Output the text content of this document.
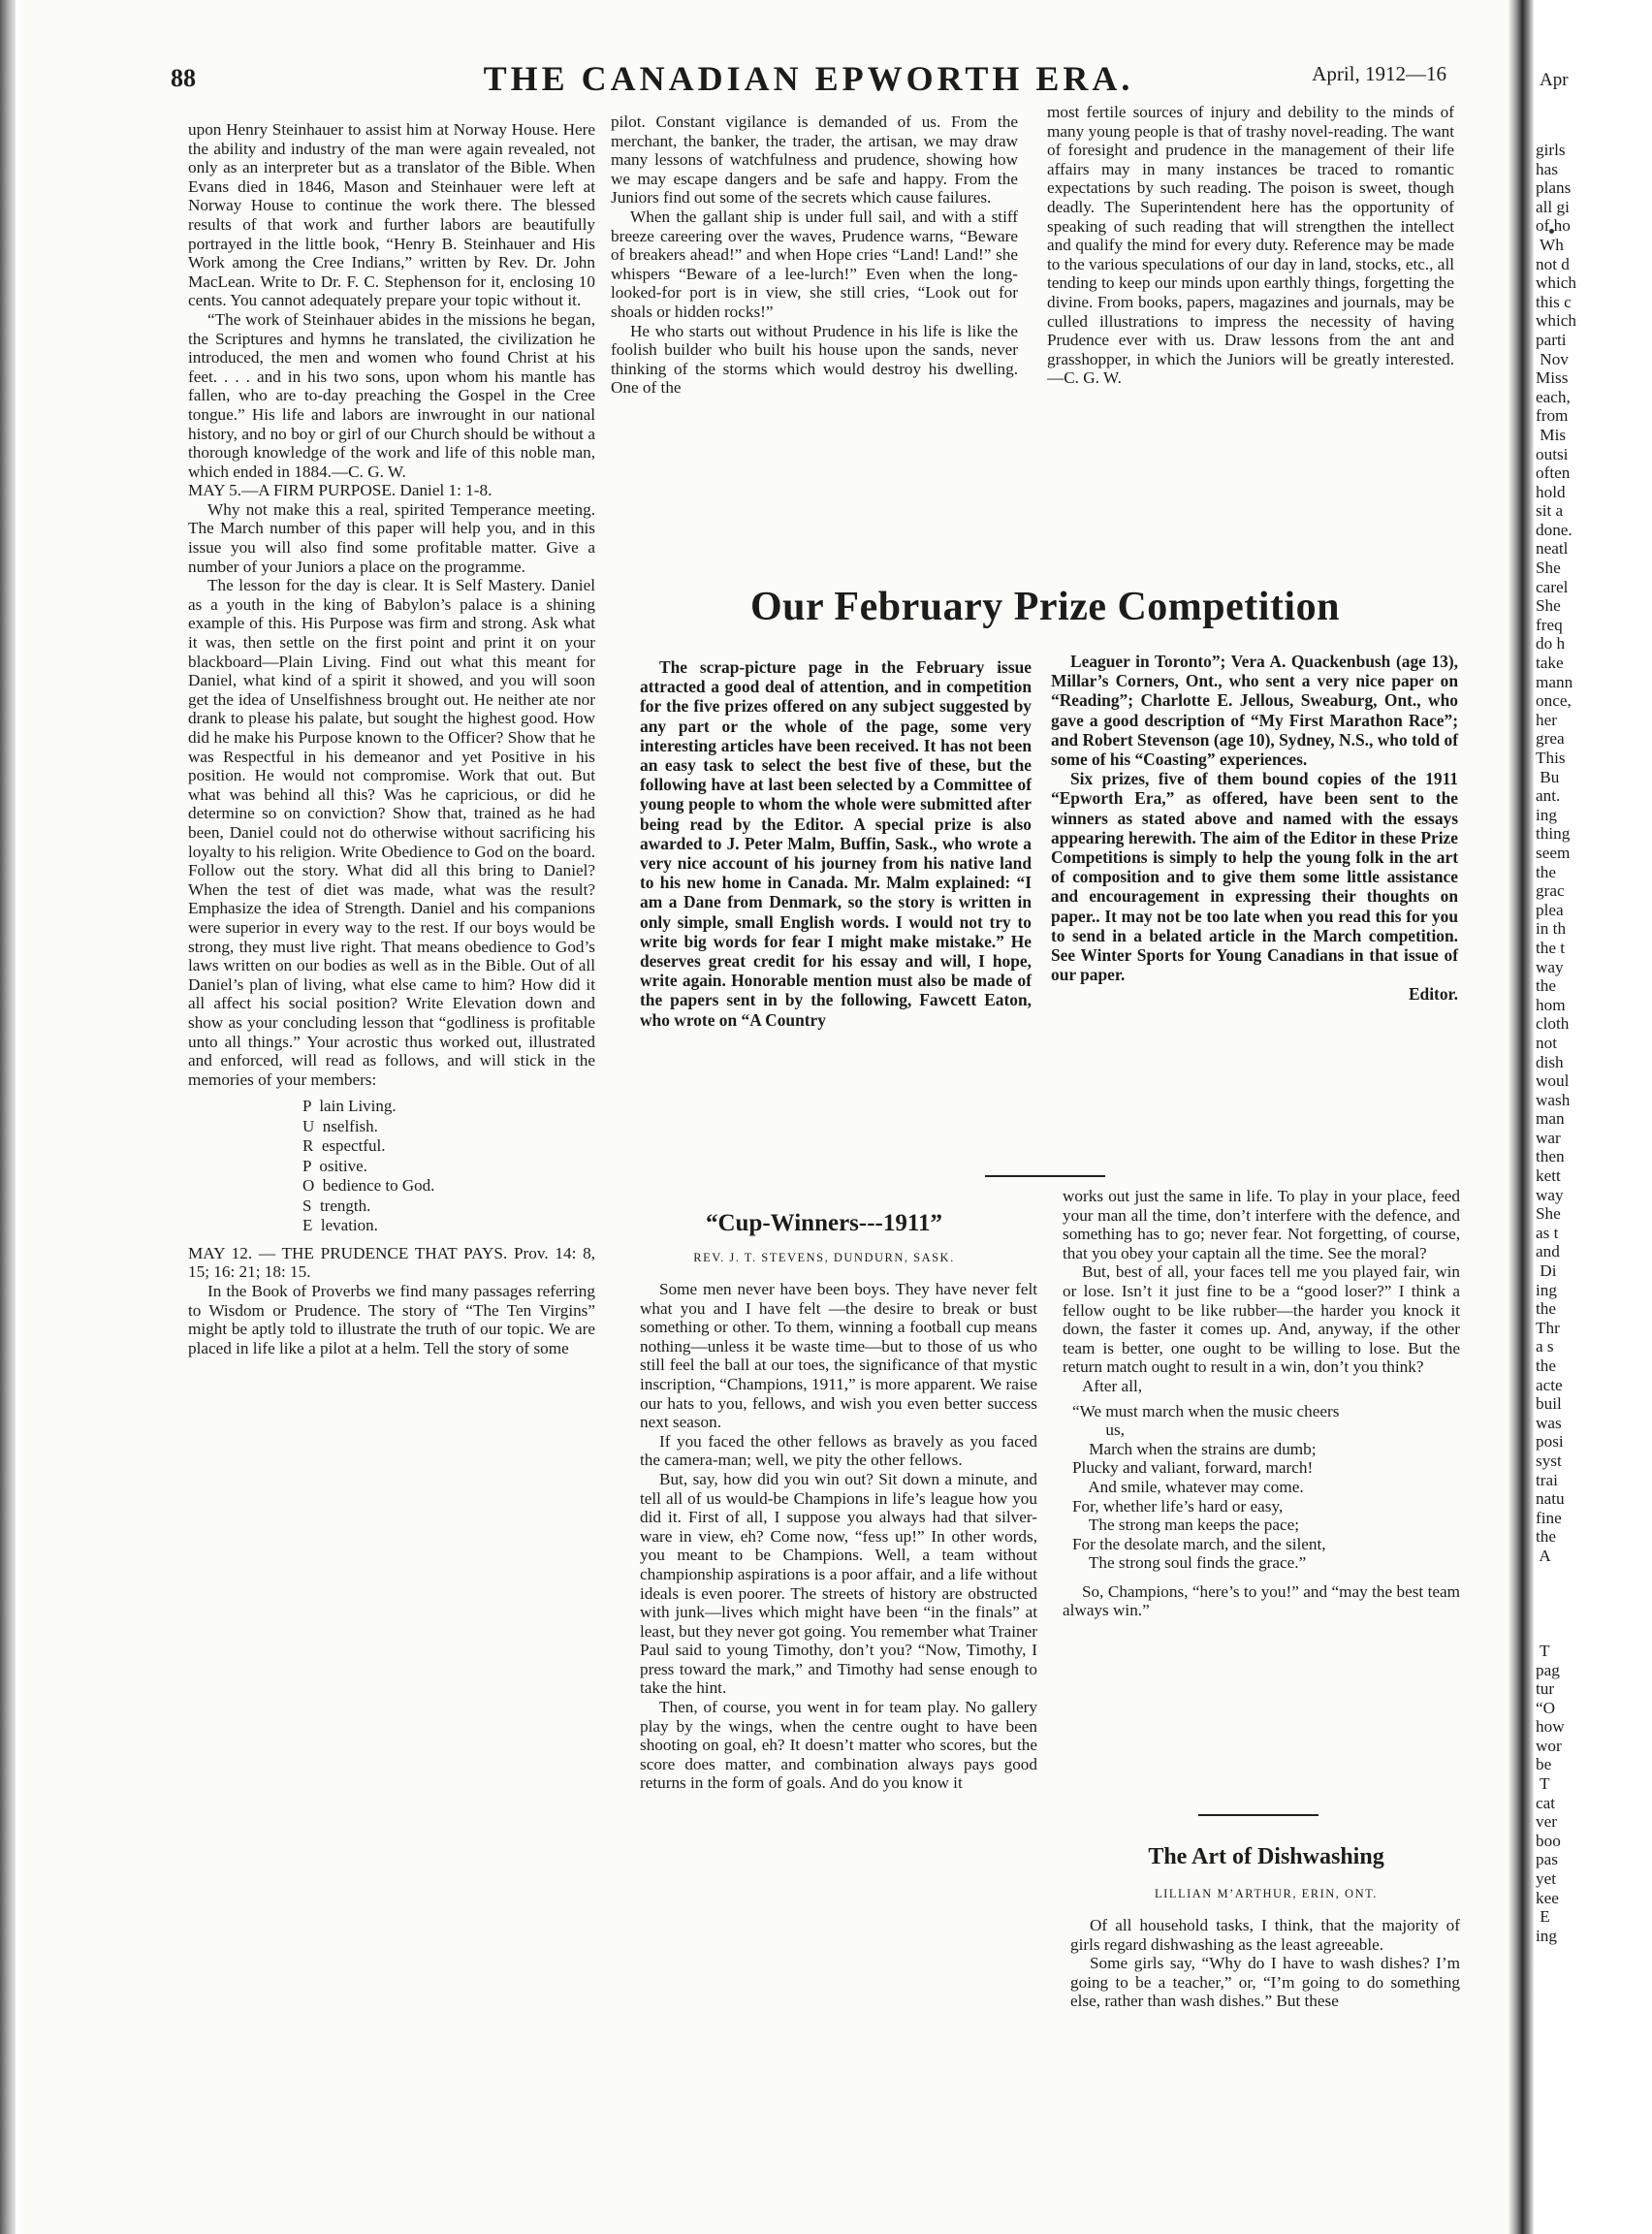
88	THE CANADIAN EPWORTH ERA.	April, 1912—16

upon Henry Steinhauer to assist him at Norway House. Here the ability and industry of the man were again revealed, not only as an interpreter but as a translator of the Bible. When Evans died in 1846, Mason and Steinhauer were left at Norway House to continue the work there. The blessed results of that work and further labors are beautifully portrayed in the little book, “Henry B. Steinhauer and His Work among the Cree Indians,” written by Rev. Dr. John MacLean. Write to Dr. F. C. Stephenson for it, enclosing 10 cents. You cannot adequately prepare your topic without it.

“The work of Steinhauer abides in the missions he began, the Scriptures and hymns he translated, the civilization he introduced, the men and women who found Christ at his feet. . . . and in his two sons, upon whom his mantle has fallen, who are to-day preaching the Gospel in the Cree tongue.” His life and labors are inwrought in our national history, and no boy or girl of our Church should be without a thorough knowledge of the work and life of this noble man, which ended in 1884.—C. G. W.

MAY 5.—A FIRM PURPOSE. Daniel 1: 1-8.

Why not make this a real, spirited Temperance meeting. The March number of this paper will help you, and in this issue you will also find some profitable matter. Give a number of your Juniors a place on the programme.

The lesson for the day is clear. It is Self Mastery. Daniel as a youth in the king of Babylon’s palace is a shining example of this. His Purpose was firm and strong. Ask what it was, then settle on the first point and print it on your blackboard—Plain Living. Find out what this meant for Daniel, what kind of a spirit it showed, and you will soon get the idea of Unselfishness brought out. He neither ate nor drank to please his palate, but sought the highest good. How did he make his Purpose known to the Officer? Show that he was Respectful in his demeanor and yet Positive in his position. He would not compromise. Work that out. But what was behind all this? Was he capricious, or did he determine so on conviction? Show that, trained as he had been, Daniel could not do otherwise without sacrificing his loyalty to his religion. Write Obedience to God on the board. Follow out the story. What did all this bring to Daniel? When the test of diet was made, what was the result? Emphasize the idea of Strength. Daniel and his companions were superior in every way to the rest. If our boys would be strong, they must live right. That means obedience to God’s laws written on our bodies as well as in the Bible. Out of all Daniel’s plan of living, what else came to him? How did it all affect his social position? Write Elevation down and show as your concluding lesson that “godliness is profitable unto all things.” Your acrostic thus worked out, illustrated and enforced, will read as follows, and will stick in the memories of your members:

P  lain Living.
U  nselfish.
R  espectful.
P  ositive.
O  bedience to God.
S  trength.
E  levation.

MAY 12. — THE PRUDENCE THAT PAYS. Prov. 14: 8, 15; 16: 21; 18: 15.

In the Book of Proverbs we find many passages referring to Wisdom or Prudence. The story of “The Ten Virgins” might be aptly told to illustrate the truth of our topic. We are placed in life like a pilot at a helm. Tell the story of some

pilot. Constant vigilance is demanded of us. From the merchant, the banker, the trader, the artisan, we may draw many lessons of watchfulness and prudence, showing how we may escape dangers and be safe and happy. From the Juniors find out some of the secrets which cause failures.

When the gallant ship is under full sail, and with a stiff breeze careering over the waves, Prudence warns, “Beware of breakers ahead!” and when Hope cries “Land! Land!” she whispers “Beware of a lee-lurch!” Even when the long-looked-for port is in view, she still cries, “Look out for shoals or hidden rocks!”

He who starts out without Prudence in his life is like the foolish builder who built his house upon the sands, never thinking of the storms which would destroy his dwelling. One of the

most fertile sources of injury and debility to the minds of many young people is that of trashy novel-reading. The want of foresight and prudence in the management of their life affairs may in many instances be traced to romantic expectations by such reading. The poison is sweet, though deadly. The Superintendent here has the opportunity of speaking of such reading that will strengthen the intellect and qualify the mind for every duty. Reference may be made to the various speculations of our day in land, stocks, etc., all tending to keep our minds upon earthly things, forgetting the divine. From books, papers, magazines and journals, may be culled illustrations to impress the necessity of having Prudence ever with us. Draw lessons from the ant and grasshopper, in which the Juniors will be greatly interested.—C. G. W.

Our February Prize Competition

The scrap-picture page in the February issue attracted a good deal of attention, and in competition for the five prizes offered on any subject suggested by any part or the whole of the page, some very interesting articles have been received. It has not been an easy task to select the best five of these, but the following have at last been selected by a Committee of young people to whom the whole were submitted after being read by the Editor. A special prize is also awarded to J. Peter Malm, Buffin, Sask., who wrote a very nice account of his journey from his native land to his new home in Canada. Mr. Malm explained: “I am a Dane from Denmark, so the story is written in only simple, small English words. I would not try to write big words for fear I might make mistake.” He deserves great credit for his essay and will, I hope, write again. Honorable mention must also be made of the papers sent in by the following, Fawcett Eaton, who wrote on “A Country

Leaguer in Toronto”; Vera A. Quackenbush (age 13), Millar’s Corners, Ont., who sent a very nice paper on “Reading”; Charlotte E. Jellous, Sweaburg, Ont., who gave a good description of “My First Marathon Race”; and Robert Stevenson (age 10), Sydney, N.S., who told of some of his “Coasting” experiences.

Six prizes, five of them bound copies of the 1911 “Epworth Era,” as offered, have been sent to the winners as stated above and named with the essays appearing herewith. The aim of the Editor in these Prize Competitions is simply to help the young folk in the art of composition and to give them some little assistance and encouragement in expressing their thoughts on paper.. It may not be too late when you read this for you to send in a belated article in the March competition. See Winter Sports for Young Canadians in that issue of our paper.

Editor.
“Cup-Winners---1911”
REV. J. T. STEVENS, DUNDURN, SASK.

Some men never have been boys. They have never felt what you and I have felt —the desire to break or bust something or other. To them, winning a football cup means nothing—unless it be waste time—but to those of us who still feel the ball at our toes, the significance of that mystic inscription, “Champions, 1911,” is more apparent. We raise our hats to you, fellows, and wish you even better success next season.

If you faced the other fellows as bravely as you faced the camera-man; well, we pity the other fellows.

But, say, how did you win out? Sit down a minute, and tell all of us would-be Champions in life’s league how you did it. First of all, I suppose you always had that silver-ware in view, eh? Come now, “fess up!” In other words, you meant to be Champions. Well, a team without championship aspirations is a poor affair, and a life without ideals is even poorer. The streets of history are obstructed with junk—lives which might have been “in the finals” at least, but they never got going. You remember what Trainer Paul said to young Timothy, don’t you? “Now, Timothy, I press toward the mark,” and Timothy had sense enough to take the hint.

Then, of course, you went in for team play. No gallery play by the wings, when the centre ought to have been shooting on goal, eh? It doesn’t matter who scores, but the score does matter, and combination always pays good returns in the form of goals. And do you know it

works out just the same in life. To play in your place, feed your man all the time, don’t interfere with the defence, and something has to go; never fear. Not forgetting, of course, that you obey your captain all the time. See the moral?

But, best of all, your faces tell me you played fair, win or lose. Isn’t it just fine to be a “good loser?” I think a fellow ought to be like rubber—the harder you knock it down, the faster it comes up. And, anyway, if the other team is better, one ought to be willing to lose. But the return match ought to result in a win, don’t you think?

After all,

“We must march when the music cheers
us,
March when the strains are dumb;
Plucky and valiant, forward, march!
And smile, whatever may come.
For, whether life’s hard or easy,
The strong man keeps the pace;
For the desolate march, and the silent,
The strong soul finds the grace.”

So, Champions, “here’s to you!” and “may the best team always win.”

The Art of Dishwashing
LILLIAN M’ARTHUR, ERIN, ONT.

Of all household tasks, I think, that the majority of girls regard dishwashing as the least agreeable.

Some girls say, “Why do I have to wash dishes? I’m going to be a teacher,” or, “I’m going to do something else, rather than wash dishes.” But these

Apr
girls
has
plans
all gi
of ho
Wh
not d
which
this c
which
parti
Nov
Miss
each,
from
Mis
outsi
often
hold
sit a
done.
neatl
She
carel
She
freq
do h
take
mann
once,
her
grea
This
Bu
ant.
ing
thing
seem
the
grac
plea
in th
the t
way
the
hom
cloth
not
dish
woul
wash
man
war
then
kett
way
She
as t
and
Di
ing
the
Thr
a s
the
acte
buil
was
posi
syst
trai
natu
fine
the
A

T
pag
tur
“O
how
wor
be
T
cat
ver
boo
pas
yet
kee
E
ing
